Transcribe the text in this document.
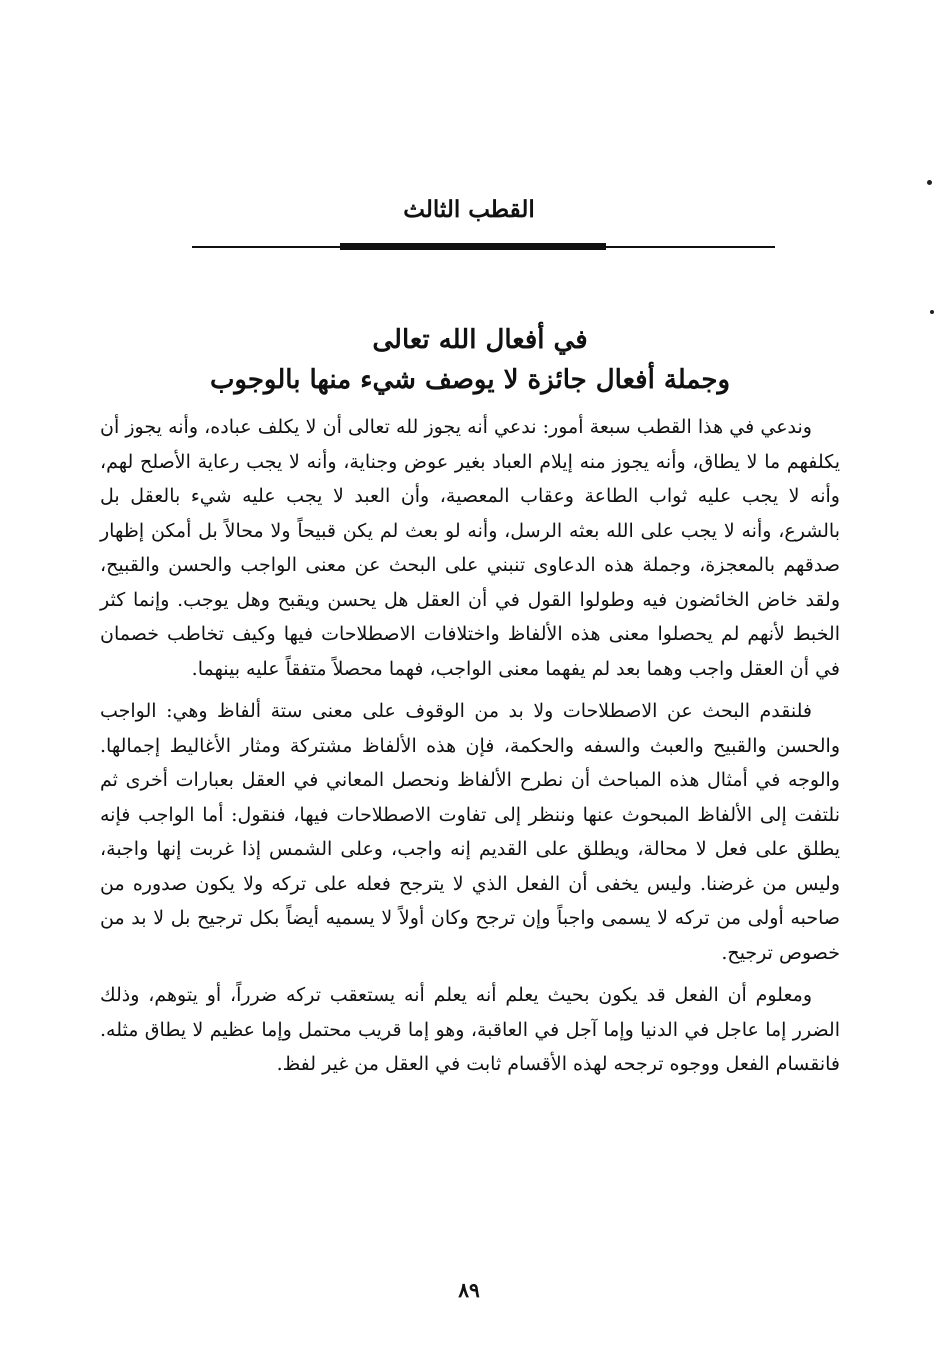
القطب الثالث
في أفعال الله تعالى
وجملة أفعال جائزة لا يوصف شيء منها بالوجوب

وندعي في هذا القطب سبعة أمور: ندعي أنه يجوز لله تعالى أن لا يكلف عباده، وأنه يجوز أن يكلفهم ما لا يطاق، وأنه يجوز منه إيلام العباد بغير عوض وجناية، وأنه لا يجب رعاية الأصلح لهم، وأنه لا يجب عليه ثواب الطاعة وعقاب المعصية، وأن العبد لا يجب عليه شيء بالعقل بل بالشرع، وأنه لا يجب على الله بعثه الرسل، وأنه لو بعث لم يكن قبيحاً ولا محالاً بل أمكن إظهار صدقهم بالمعجزة، وجملة هذه الدعاوى تنبني على البحث عن معنى الواجب والحسن والقبيح، ولقد خاض الخائضون فيه وطولوا القول في أن العقل هل يحسن ويقبح وهل يوجب. وإنما كثر الخبط لأنهم لم يحصلوا معنى هذه الألفاظ واختلافات الاصطلاحات فيها وكيف تخاطب خصمان في أن العقل واجب وهما بعد لم يفهما معنى الواجب، فهما محصلاً متفقاً عليه بينهما.

فلنقدم البحث عن الاصطلاحات ولا بد من الوقوف على معنى ستة ألفاظ وهي: الواجب والحسن والقبيح والعبث والسفه والحكمة، فإن هذه الألفاظ مشتركة ومثار الأغاليط إجمالها. والوجه في أمثال هذه المباحث أن نطرح الألفاظ ونحصل المعاني في العقل بعبارات أخرى ثم نلتفت إلى الألفاظ المبحوث عنها وننظر إلى تفاوت الاصطلاحات فيها، فنقول: أما الواجب فإنه يطلق على فعل لا محالة، ويطلق على القديم إنه واجب، وعلى الشمس إذا غربت إنها واجبة، وليس من غرضنا. وليس يخفى أن الفعل الذي لا يترجح فعله على تركه ولا يكون صدوره من صاحبه أولى من تركه لا يسمى واجباً وإن ترجح وكان أولاً لا يسميه أيضاً بكل ترجيح بل لا بد من خصوص ترجيح.

ومعلوم أن الفعل قد يكون بحيث يعلم أنه يعلم أنه يستعقب تركه ضرراً، أو يتوهم، وذلك الضرر إما عاجل في الدنيا وإما آجل في العاقبة، وهو إما قريب محتمل وإما عظيم لا يطاق مثله. فانقسام الفعل ووجوه ترجحه لهذه الأقسام ثابت في العقل من غير لفظ.

٨٩
